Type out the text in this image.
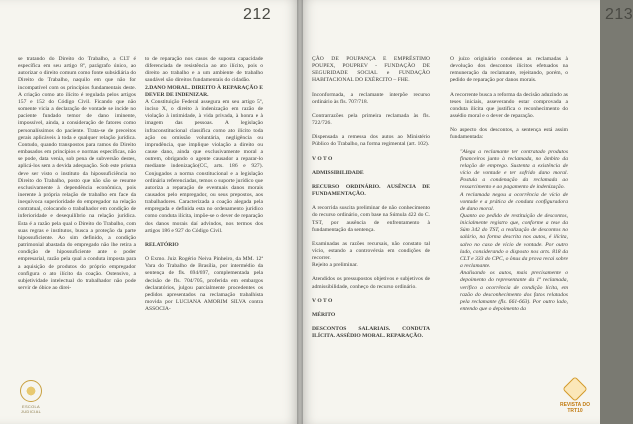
212

se tratando do Direito do Trabalho, a CLT é específica em seu artigo 8º, parágrafo único, ao autorizar o direito comum como fonte subsidiária do Direito do Trabalho, naquilo em que não for incompatível com os princípios fundamentais deste. A criação como ato ilícito é regulada pelos artigos 157 e 152 do Código Civil. Ficando que não somente vicia a declaração de vontade se incide no paciente fundado temor de dano iminente, impossível, ainda, a consideração de fatores como personalíssimos do paciente. Trata-se de preceitos gerais aplicáveis à toda e qualquer relação jurídica. Contudo, quando transpostos para ramos do Direito embasados em princípios e normas específicas, não se pode, data venia, sob pena de subversão destes, aplicá-los sem a devida adequação. Sob este prisma deve ser visto o instituto da hipossuficiência no Direito do Trabalho, posto que não são se resume exclusivamente à dependência econômica, pois inerente à própria relação de trabalho em face da inequívoca superioridade do empregador na relação contratual, colocando o trabalhador em condição de inferioridade e desequilíbrio na relação jurídica. Esta é a razão pela qual o Direito do Trabalho, com suas regras e institutos, busca a proteção da parte hipossuficiente. Ao sim definido, a condição patrimonial abastada do empregado não lhe retira a condição de hipossuficiente ante o poder empresarial, razão pela qual a conduta imposta para a aquisição de produtos do próprio empregador configura o ato ilícito da coação. Ostensivo, a subjetividade intelectual do trabalhador não pode servir de óbice ao direi-

to de reparação nos casos de suposta capacidade diferenciada de resistência ao ato ilícito, pois o direito ao trabalho e a um ambiente de trabalho saudável são direitos fundamentais do cidadão.

2.DANO MORAL. DIREITO À REPARAÇÃO E DEVER DE INDENIZAR.

A Constituição Federal assegura em seu artigo 5º, inciso X, o direito à indenização em razão de violação à intimidade, à vida privada, à honra e à imagem das pessoas. A legislação infraconstitucional classifica como ato ilícito toda ação ou omissão voluntária, negligência ou imprudência, que implique violação a direito ou cause dano, ainda que exclusivamente moral a outrem, obrigando o agente causador a reparar-lo mediante indenização(CC, arts. 186 e 927). Conjugados a norma constitucional e a legislação ordinária referenciadas, temos o suporte jurídico que autoriza a reparação de eventuais danos morais causados pelo empregador, ou seus prepostos, aos trabalhadores. Caracterizada a coação alegada pela empregada e definida esta no ordenamento jurídico como conduta ilícita, impõe-se o dever de reparação dos danos morais daí advindos, nos termos dos artigos 186 e 927 do Código Civil.

RELATÓRIO

O Exmo. Juiz Rogério Neiva Pinheiro, da MM. 12ª Vara do Trabalho de Brasília, por intermédio da sentença de fls. 694/697, complementada pela decisão de fls. 704/705, proferida em embargos declaratórios, julgou parcialmente procedentes os pedidos apresentados na reclamação trabalhista movida por LUCIANA AMORIM SILVA contra ASSOCIA-

ESCOLA JUDICIAL
213

ÇÃO DE POUPANÇA E EMPRÉSTIMO POUPEX, POUPREV - FUNDAÇÃO DE SEGURIDADE SOCIAL e FUNDAÇÃO HABITACIONAL DO EXÉRCITO – FHE.

Inconformada, a reclamante interpõe recurso ordinário às fls. 707/718.

Contrarrazões pela primeira reclamada às fls. 722/726.

Dispensada a remessa dos autos ao Ministério Público do Trabalho, na forma regimental (art. 102).

V O T O

ADMISSIBILIDADE

RECURSO ORDINÁRIO. AUSÊNCIA DE FUNDAMENTAÇÃO.

A recorrida suscita preliminar de não conhecimento do recurso ordinário, com base na Súmula 422 do C. TST, por ausência de enfrentamento à fundamentação da sentença.

Examinadas as razões recursais, não constato tal vício, estando a controvérsia em condições de recorrer.

Rejeito a preliminar.

Atendidos os pressupostos objetivos e subjetivos de admissibilidade, conheço do recurso ordinário.

V O T O

MÉRITO

DESCONTOS SALARIAIS. CONDUTA ILÍCITA. ASSÉDIO MORAL. REPARAÇÃO.

O juízo originário condenou as reclamadas à devolução dos descontos ilícitos efetuados na remuneração da reclamante, rejeitando, porém, o pedido de reparação por danos morais.

A recorrente busca a reforma da decisão aduzindo as teses iniciais, asseverando estar comprovada a conduta ilícita que justifica o reconhecimento do assédio moral e o dever de reparação.

No aspecto dos descontos, a sentença está assim fundamentada:

"Alega a reclamante ter contratado produtos financeiros junto à reclamada, no âmbito da relação de emprego. Sustenta a existência de vício de vontade e ter sofrido dano moral. Postula a condenação da reclamada ao ressarcimento e ao pagamento de indenização.

A reclamada negou a ocorrência de vício de vontade e a prática de conduta configuradora de dano moral.

Quanto ao pedido de restituição de descontos, inicialmente registro que, conforme a tese da Súm 342 do TST, a realização de descontos no salário, na forma descrita nos autos, é ilícita, salvo no caso de vício de vontade. Por outro lado, considerando o disposto nos arts. 818 da CLT e 333 do CPC, o ônus da prova recai sobre a reclamante.

Analisando os autos, mais precisamente o depoimento do representante da 1ª reclamada, verifico a ocorrência de condição lícita, em razão do desconhecimento dos fatos relatados pela reclamante (fls. 661-663). Por outro lado, entendo que o depoimento da

REVISTA DO TRT10
